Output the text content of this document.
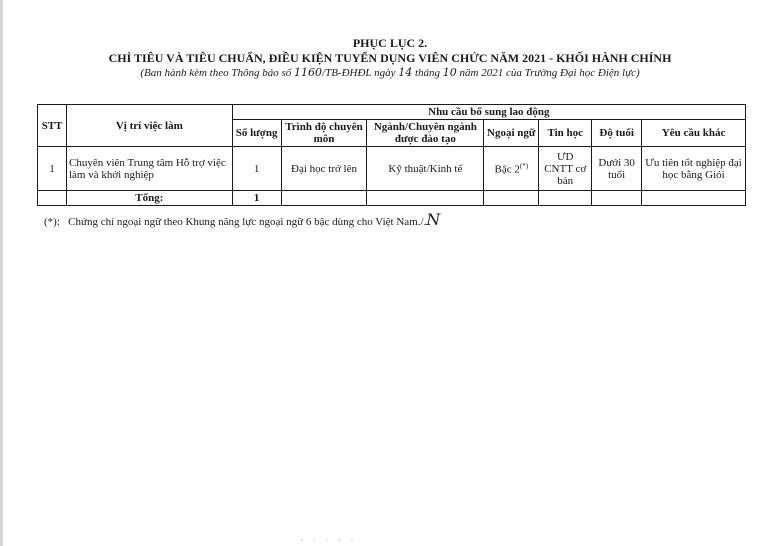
PHỤC LỤC 2.
CHỈ TIÊU VÀ TIÊU CHUẨN, ĐIỀU KIỆN TUYỂN DỤNG VIÊN CHỨC NĂM 2021 - KHỐI HÀNH CHÍNH
(Ban hành kèm theo Thông báo số 1160/TB-ĐHĐL ngày 14 tháng 10 năm 2021 của Trường Đại học Điện lực)
STT	Vị trí việc làm	Nhu cầu bổ sung lao động						
		Số lượng	Trình độ chuyên môn	Ngành/Chuyên ngành được đào tạo	Ngoại ngữ	Tin học	Độ tuổi	Yêu cầu khác
1	Chuyên viên Trung tâm Hỗ trợ việc làm và khởi nghiệp	1	Đại học trở lên	Kỹ thuật/Kinh tế	Bậc 2(*)	ƯD CNTT cơ bản	Dưới 30 tuổi	Ưu tiên tốt nghiệp đại học bằng Giỏi
	Tổng:	1						
(*): Chứng chỉ ngoại ngữ theo Khung năng lực ngoại ngữ 6 bậc dùng cho Việt Nam./.N
· · · · ·
